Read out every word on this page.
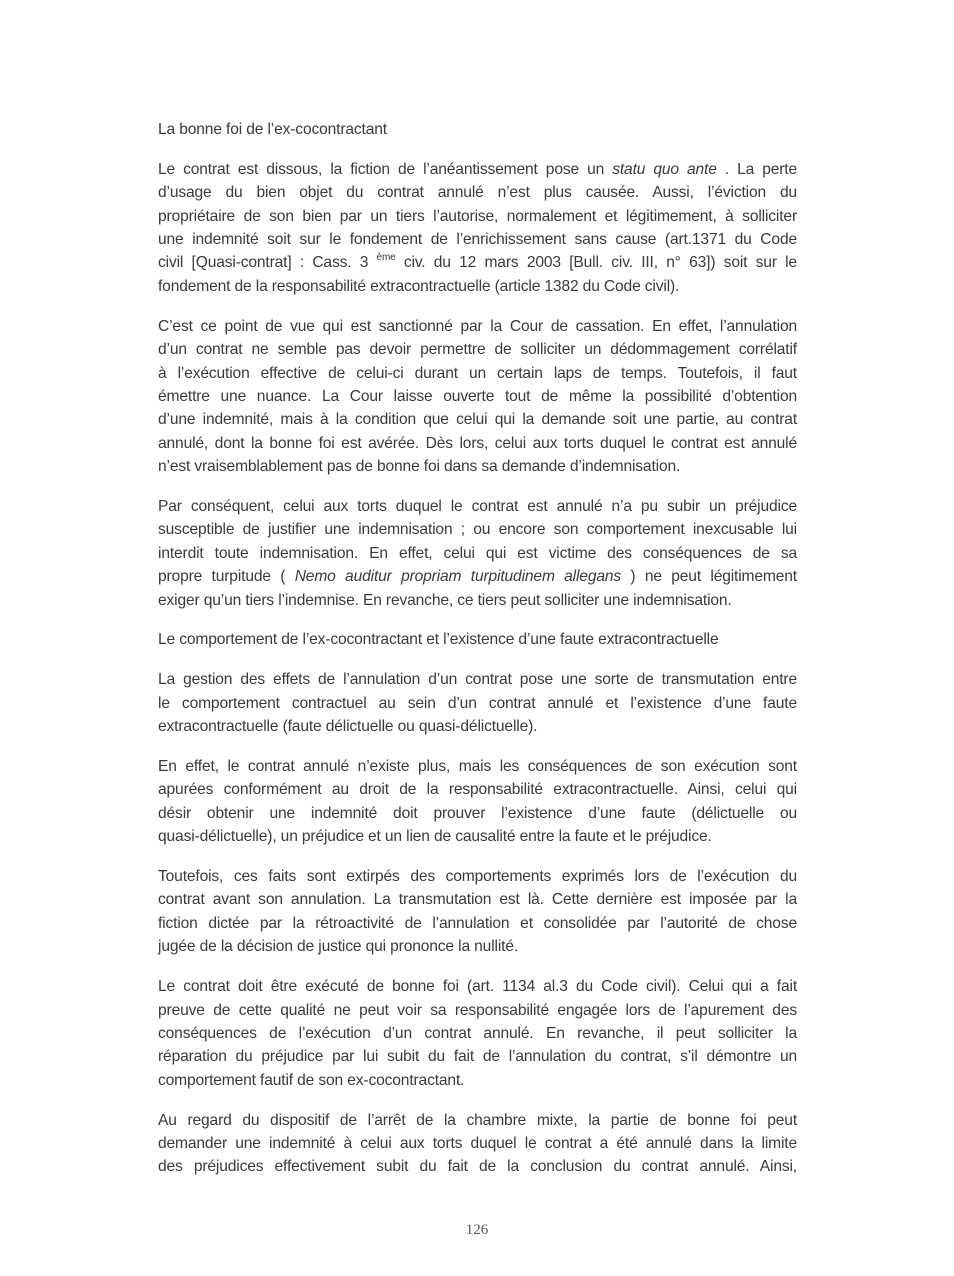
La bonne foi de l’ex-cocontractant
Le contrat est dissous, la fiction de l’anéantissement pose un statu quo ante . La perte
d’usage du bien objet du contrat annulé n’est plus causée. Aussi, l’éviction du
propriétaire de son bien par un tiers l’autorise, normalement et légitimement, à solliciter
une indemnité soit sur le fondement de l’enrichissement sans cause (art.1371 du Code
civil [Quasi-contrat] : Cass. 3 $^{ème}$ civ. du 12 mars 2003 [Bull. civ. III, n° 63]) soit sur le
fondement de la responsabilité extracontractuelle (article 1382 du Code civil).
C’est ce point de vue qui est sanctionné par la Cour de cassation. En effet, l’annulation
d’un contrat ne semble pas devoir permettre de solliciter un dédommagement corrélatif
à l’exécution effective de celui-ci durant un certain laps de temps. Toutefois, il faut
émettre une nuance. La Cour laisse ouverte tout de même la possibilité d’obtention
d’une indemnité, mais à la condition que celui qui la demande soit une partie, au contrat
annulé, dont la bonne foi est avérée. Dès lors, celui aux torts duquel le contrat est annulé
n’est vraisemblablement pas de bonne foi dans sa demande d’indemnisation.
Par conséquent, celui aux torts duquel le contrat est annulé n’a pu subir un préjudice
susceptible de justifier une indemnisation ; ou encore son comportement inexcusable lui
interdit toute indemnisation. En effet, celui qui est victime des conséquences de sa
propre turpitude ( Nemo auditur propriam turpitudinem allegans ) ne peut légitimement
exiger qu’un tiers l’indemnise. En revanche, ce tiers peut solliciter une indemnisation.
Le comportement de l’ex-cocontractant et l’existence d’une faute extracontractuelle
La gestion des effets de l’annulation d’un contrat pose une sorte de transmutation entre
le comportement contractuel au sein d’un contrat annulé et l’existence d’une faute
extracontractuelle (faute délictuelle ou quasi-délictuelle).
En effet, le contrat annulé n’existe plus, mais les conséquences de son exécution sont
apurées conformément au droit de la responsabilité extracontractuelle. Ainsi, celui qui
désir obtenir une indemnité doit prouver l’existence d’une faute (délictuelle ou
quasi-délictuelle), un préjudice et un lien de causalité entre la faute et le préjudice.
Toutefois, ces faits sont extirpés des comportements exprimés lors de l’exécution du
contrat avant son annulation. La transmutation est là. Cette dernière est imposée par la
fiction dictée par la rétroactivité de l’annulation et consolidée par l’autorité de chose
jugée de la décision de justice qui prononce la nullité.
Le contrat doit être exécuté de bonne foi (art. 1134 al.3 du Code civil). Celui qui a fait
preuve de cette qualité ne peut voir sa responsabilité engagée lors de l’apurement des
conséquences de l’exécution d’un contrat annulé. En revanche, il peut solliciter la
réparation du préjudice par lui subit du fait de l’annulation du contrat, s’il démontre un
comportement fautif de son ex-cocontractant.
Au regard du dispositif de l’arrêt de la chambre mixte, la partie de bonne foi peut
demander une indemnité à celui aux torts duquel le contrat a été annulé dans la limite
des préjudices effectivement subit du fait de la conclusion du contrat annulé. Ainsi,
126
